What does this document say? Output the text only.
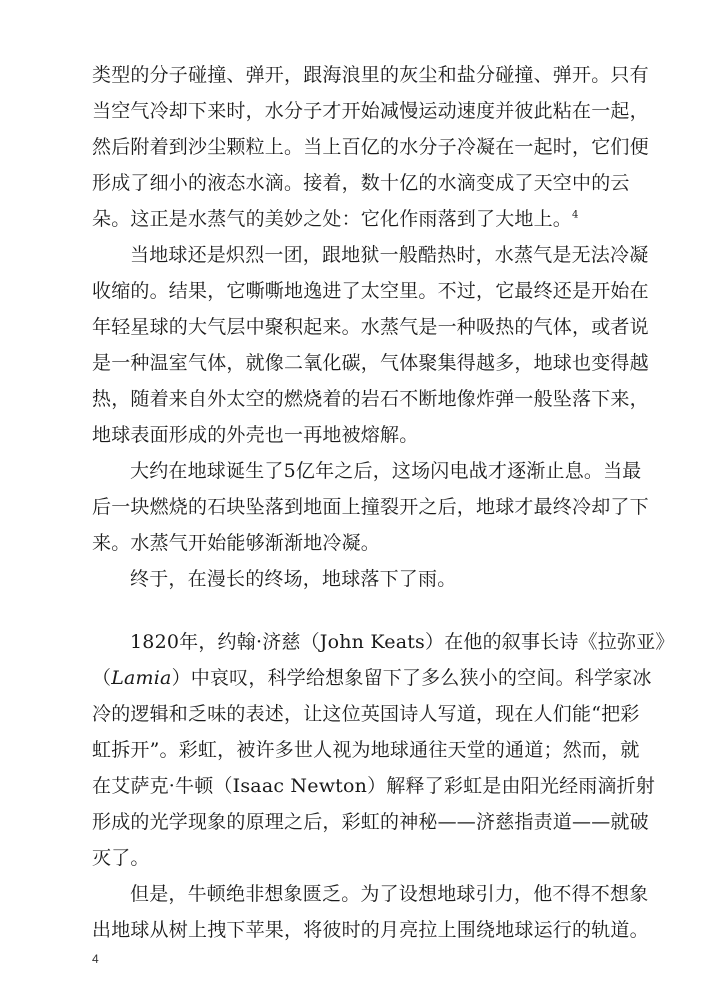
类型的分子碰撞、弹开，跟海浪里的灰尘和盐分碰撞、弹开。只有
当空气冷却下来时，水分子才开始减慢运动速度并彼此粘在一起，
然后附着到沙尘颗粒上。当上百亿的水分子冷凝在一起时，它们便
形成了细小的液态水滴。接着，数十亿的水滴变成了天空中的云
朵。这正是水蒸气的美妙之处：它化作雨落到了大地上。$^4$
当地球还是炽烈一团，跟地狱一般酷热时，水蒸气是无法冷凝
收缩的。结果，它嘶嘶地逸进了太空里。不过，它最终还是开始在
年轻星球的大气层中聚积起来。水蒸气是一种吸热的气体，或者说
是一种温室气体，就像二氧化碳，气体聚集得越多，地球也变得越
热，随着来自外太空的燃烧着的岩石不断地像炸弹一般坠落下来，
地球表面形成的外壳也一再地被熔解。
大约在地球诞生了5亿年之后，这场闪电战才逐渐止息。当最
后一块燃烧的石块坠落到地面上撞裂开之后，地球才最终冷却了下
来。水蒸气开始能够渐渐地冷凝。
终于，在漫长的终场，地球落下了雨。
1820年，约翰·济慈（John Keats）在他的叙事长诗《拉弥亚》
（Lamia）中哀叹，科学给想象留下了多么狭小的空间。科学家冰
冷的逻辑和乏味的表述，让这位英国诗人写道，现在人们能“把彩
虹拆开”。彩虹，被许多世人视为地球通往天堂的通道；然而，就
在艾萨克·牛顿（Isaac Newton）解释了彩虹是由阳光经雨滴折射
形成的光学现象的原理之后，彩虹的神秘——济慈指责道——就破
灭了。
但是，牛顿绝非想象匮乏。为了设想地球引力，他不得不想象
出地球从树上拽下苹果，将彼时的月亮拉上围绕地球运行的轨道。
4
